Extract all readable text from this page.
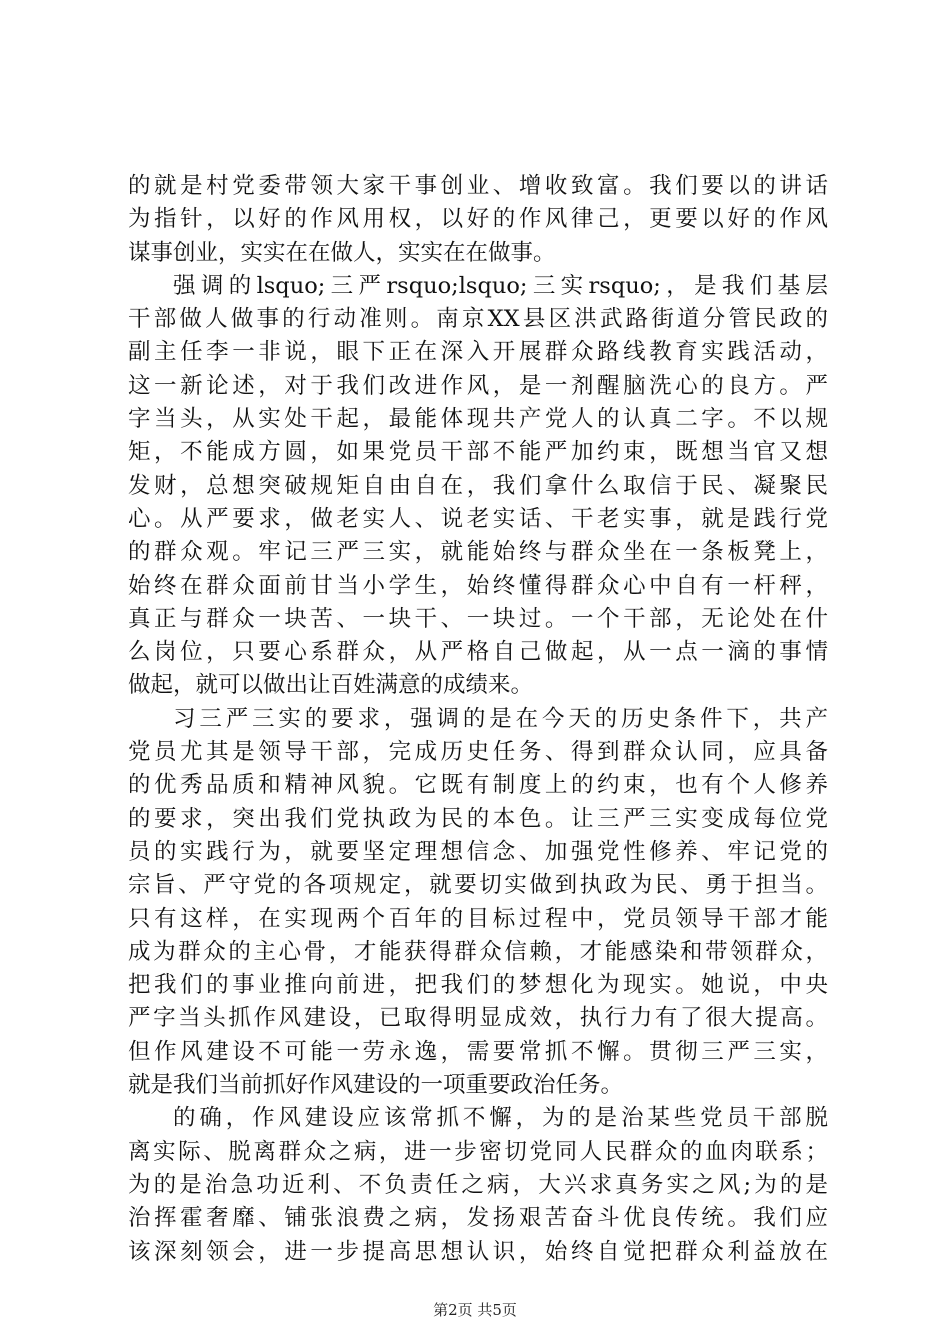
的就是村党委带领大家干事创业、增收致富。我们要以的讲话
为指针，以好的作风用权，以好的作风律己，更要以好的作风
谋事创业，实实在在做人，实实在在做事。
强调的lsquo;三严rsquo;lsquo;三实rsquo;，是我们基层
干部做人做事的行动准则。南京XX县区洪武路街道分管民政的
副主任李一非说，眼下正在深入开展群众路线教育实践活动，
这一新论述，对于我们改进作风，是一剂醒脑洗心的良方。严
字当头，从实处干起，最能体现共产党人的认真二字。不以规
矩，不能成方圆，如果党员干部不能严加约束，既想当官又想
发财，总想突破规矩自由自在，我们拿什么取信于民、凝聚民
心。从严要求，做老实人、说老实话、干老实事，就是践行党
的群众观。牢记三严三实，就能始终与群众坐在一条板凳上，
始终在群众面前甘当小学生，始终懂得群众心中自有一杆秤，
真正与群众一块苦、一块干、一块过。一个干部，无论处在什
么岗位，只要心系群众，从严格自己做起，从一点一滴的事情
做起，就可以做出让百姓满意的成绩来。
习三严三实的要求，强调的是在今天的历史条件下，共产
党员尤其是领导干部，完成历史任务、得到群众认同，应具备
的优秀品质和精神风貌。它既有制度上的约束，也有个人修养
的要求，突出我们党执政为民的本色。让三严三实变成每位党
员的实践行为，就要坚定理想信念、加强党性修养、牢记党的
宗旨、严守党的各项规定，就要切实做到执政为民、勇于担当。
只有这样，在实现两个百年的目标过程中，党员领导干部才能
成为群众的主心骨，才能获得群众信赖，才能感染和带领群众，
把我们的事业推向前进，把我们的梦想化为现实。她说，中央
严字当头抓作风建设，已取得明显成效，执行力有了很大提高。
但作风建设不可能一劳永逸，需要常抓不懈。贯彻三严三实，
就是我们当前抓好作风建设的一项重要政治任务。
的确，作风建设应该常抓不懈，为的是治某些党员干部脱
离实际、脱离群众之病，进一步密切党同人民群众的血肉联系；
为的是治急功近利、不负责任之病，大兴求真务实之风;为的是
治挥霍奢靡、铺张浪费之病，发扬艰苦奋斗优良传统。我们应
该深刻领会，进一步提高思想认识，始终自觉把群众利益放在
第2页 共5页
